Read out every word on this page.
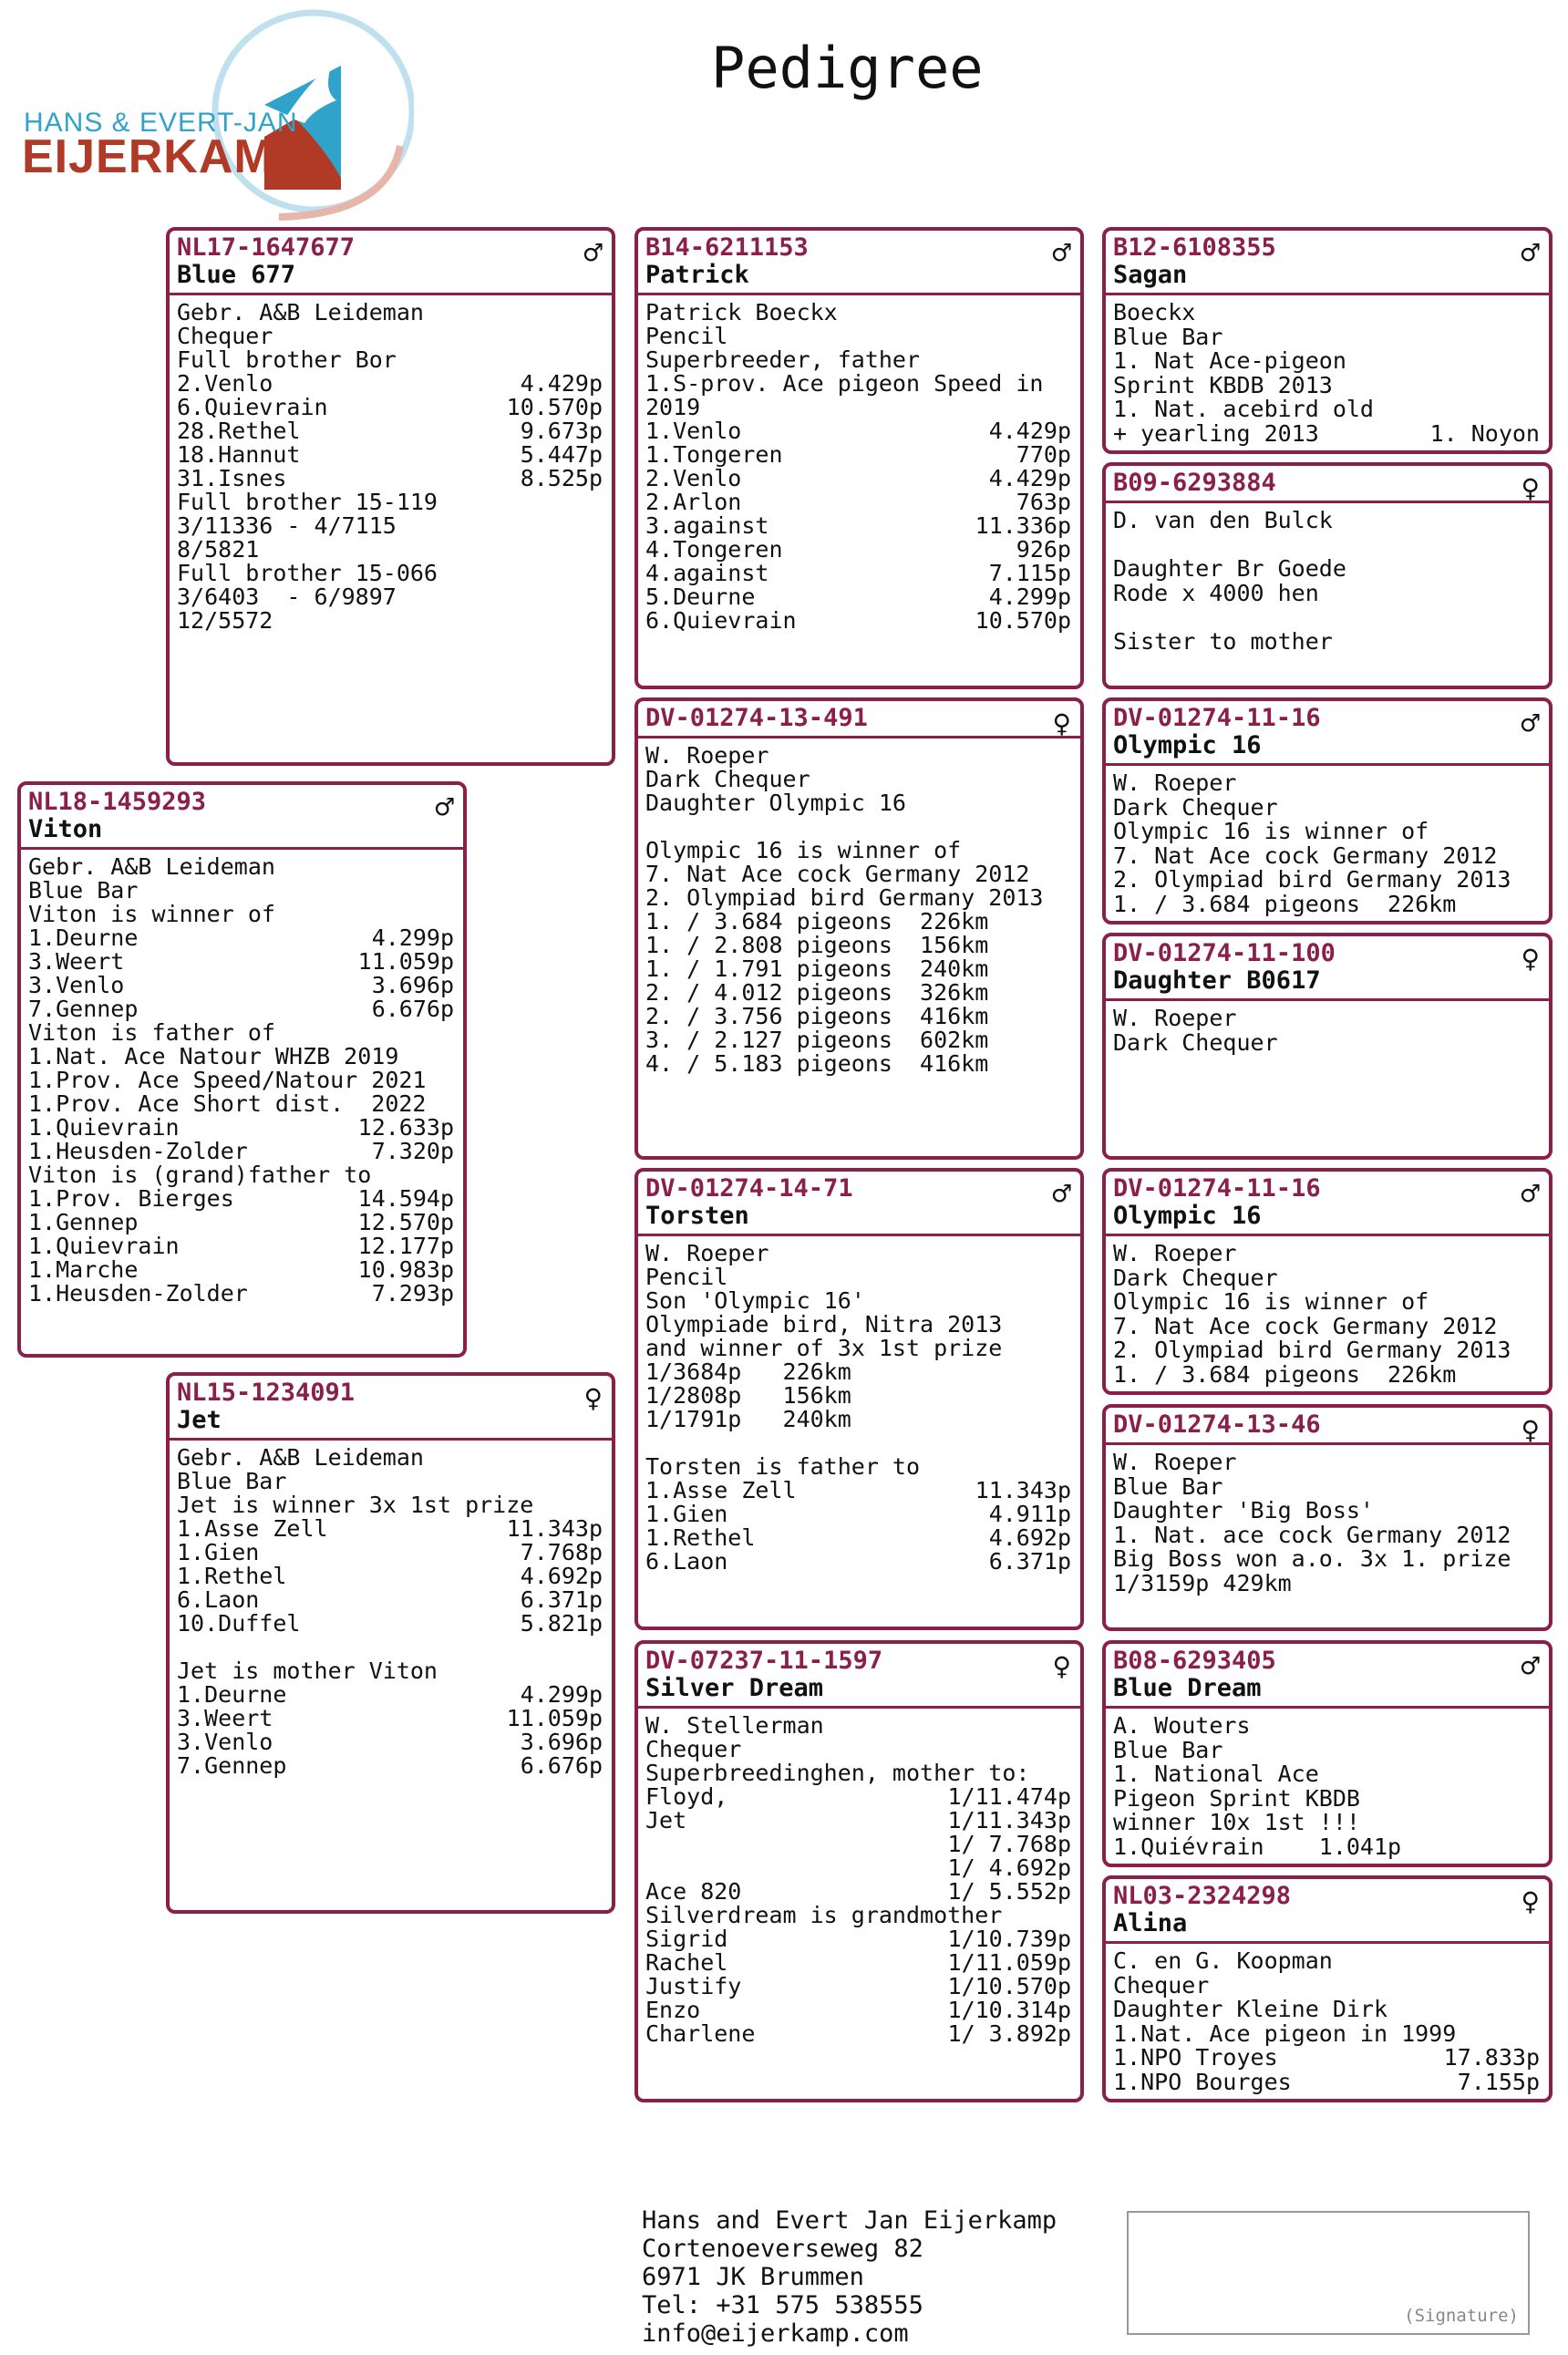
HANS & EVERT-JAN
EIJERKAMP
Pedigree
NL17-1647677
Blue 677
♂
Gebr. A&B Leideman
Chequer
Full brother Bor
2.Venlo	4.429p
6.Quievrain	10.570p
28.Rethel	9.673p
18.Hannut	5.447p
31.Isnes	8.525p
Full brother 15-119
3/11336 - 4/7115
8/5821
Full brother 15-066
3/6403  - 6/9897
12/5572
NL18-1459293
Viton
♂
Gebr. A&B Leideman
Blue Bar
Viton is winner of
1.Deurne	4.299p
3.Weert	11.059p
3.Venlo	3.696p
7.Gennep	6.676p
Viton is father of
1.Nat. Ace Natour WHZB 2019
1.Prov. Ace Speed/Natour 2021
1.Prov. Ace Short dist.  2022
1.Quievrain	12.633p
1.Heusden-Zolder	7.320p
Viton is (grand)father to
1.Prov. Bierges	14.594p
1.Gennep	12.570p
1.Quievrain	12.177p
1.Marche	10.983p
1.Heusden-Zolder	7.293p
NL15-1234091
Jet
♀
Gebr. A&B Leideman
Blue Bar
Jet is winner 3x 1st prize
1.Asse Zell	11.343p
1.Gien	7.768p
1.Rethel	4.692p
6.Laon	6.371p
10.Duffel	5.821p
Jet is mother Viton
1.Deurne	4.299p
3.Weert	11.059p
3.Venlo	3.696p
7.Gennep	6.676p
B14-6211153
Patrick
♂
Patrick Boeckx
Pencil
Superbreeder, father
1.S-prov. Ace pigeon Speed in
2019
1.Venlo	4.429p
1.Tongeren	770p
2.Venlo	4.429p
2.Arlon	763p
3.against	11.336p
4.Tongeren	926p
4.against	7.115p
5.Deurne	4.299p
6.Quievrain	10.570p
DV-01274-13-491	♀
W. Roeper
Dark Chequer
Daughter Olympic 16
Olympic 16 is winner of
7. Nat Ace cock Germany 2012
2. Olympiad bird Germany 2013
1. / 3.684 pigeons  226km
1. / 2.808 pigeons  156km
1. / 1.791 pigeons  240km
2. / 4.012 pigeons  326km
2. / 3.756 pigeons  416km
3. / 2.127 pigeons  602km
4. / 5.183 pigeons  416km
DV-01274-14-71
Torsten
♂
W. Roeper
Pencil
Son 'Olympic 16'
Olympiade bird, Nitra 2013
and winner of 3x 1st prize
1/3684p   226km
1/2808p   156km
1/1791p   240km
Torsten is father to
1.Asse Zell	11.343p
1.Gien	4.911p
1.Rethel	4.692p
6.Laon	6.371p
DV-07237-11-1597
Silver Dream
♀
W. Stellerman
Chequer
Superbreedinghen, mother to:
Floyd,	1/11.474p
Jet	1/11.343p
1/ 7.768p
1/ 4.692p
Ace 820	1/ 5.552p
Silverdream is grandmother
Sigrid	1/10.739p
Rachel	1/11.059p
Justify	1/10.570p
Enzo	1/10.314p
Charlene	1/ 3.892p
B12-6108355
Sagan
♂
Boeckx
Blue Bar
1. Nat Ace-pigeon
Sprint KBDB 2013
1. Nat. acebird old
+ yearling 2013	1. Noyon
B09-6293884	♀
D. van den Bulck
Daughter Br Goede
Rode x 4000 hen
Sister to mother
DV-01274-11-16
Olympic 16
♂
W. Roeper
Dark Chequer
Olympic 16 is winner of
7. Nat Ace cock Germany 2012
2. Olympiad bird Germany 2013
1. / 3.684 pigeons  226km
DV-01274-11-100
Daughter B0617
♀
W. Roeper
Dark Chequer
DV-01274-11-16
Olympic 16
♂
W. Roeper
Dark Chequer
Olympic 16 is winner of
7. Nat Ace cock Germany 2012
2. Olympiad bird Germany 2013
1. / 3.684 pigeons  226km
DV-01274-13-46	♀
W. Roeper
Blue Bar
Daughter 'Big Boss'
1. Nat. ace cock Germany 2012
Big Boss won a.o. 3x 1. prize
1/3159p 429km
B08-6293405
Blue Dream
♂
A. Wouters
Blue Bar
1. National Ace
Pigeon Sprint KBDB
winner 10x 1st !!!
1.Quiévrain    1.041p
NL03-2324298
Alina
♀
C. en G. Koopman
Chequer
Daughter Kleine Dirk
1.Nat. Ace pigeon in 1999
1.NPO Troyes	17.833p
1.NPO Bourges	7.155p
Hans and Evert Jan Eijerkamp
Cortenoeverseweg 82
6971 JK Brummen
Tel: +31 575 538555
info@eijerkamp.com
(Signature)
